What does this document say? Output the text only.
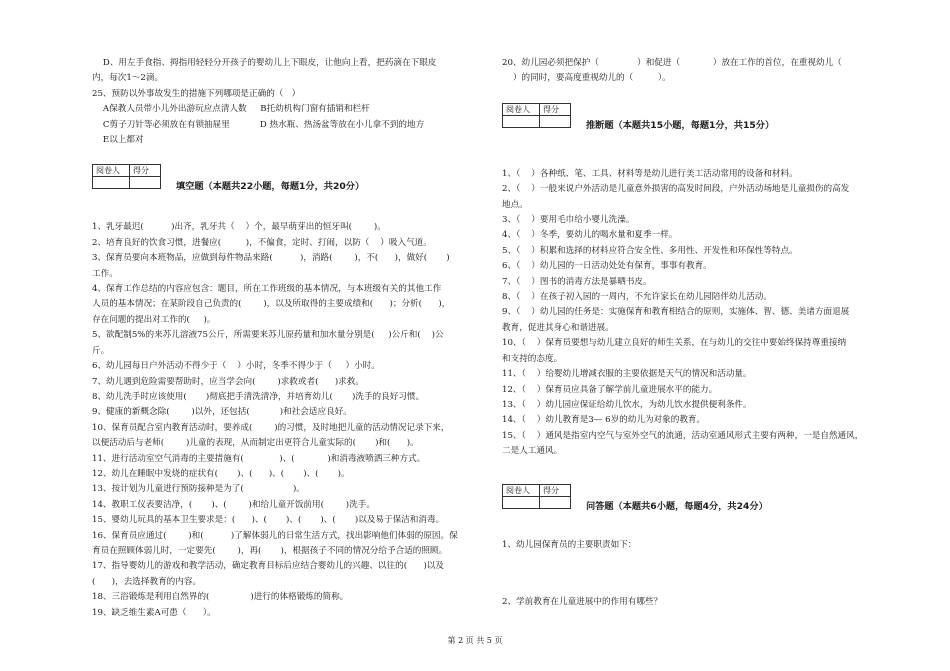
D、用左手食指、拇指用轻轻分开孩子的婴幼儿上下眼皮，让他向上看，把药滴在下眼皮
内，每次1～2滴。
25、预防以外事故发生的措施下列哪项是正确的（   ）
A保教人员带小儿外出游玩应点清人数     B托幼机构门窗有插销和栏杆
C剪子刀针等必须放在有锁抽屉里           D 热水瓶、热汤盆等放在小儿拿不到的地方
E以上都对
阅卷人	得分

填空题（本题共22小题，每题1分，共20分）
1、乳牙最迟(          )出齐，乳牙共（    ）个，最早萌芽出的恒牙叫(        )。
2、培育良好的饮食习惯，进餐应(         )，不偏食，定时、打闹，以防（    ）吸入气道。
3、保育员要向本班物品，应做到每件物品来路(          )，消路(        )，不(      )，做好(       )
工作。
4、保育工作总结的内容应包含：题目，所在工作班级的基本情况，与本班级有关的其他工作
人员的基本情况；在某阶段自己负责的(        )，以及所取得的主要成绩和(      )；分析(      )，
存在问题的提出对工作的(     )。
5、欲配制5%的来苏儿溶液75公斤，所需要来苏儿原药量和加水量分别是(     )公斤和(    )公
斤。
6、幼儿园每日户外活动不得少于（    ）小时，冬季不得少于（     ）小时。
7、幼儿遇到危险需要帮助时，应当学会向(        )求救或者(      )求救。
8、幼儿洗手时应该使用(       )彻底把手清洗清净，并培育幼儿(       )洗手的良好习惯。
9、健康的新概念除(        )以外，还包括(           )和社会适应良好。
10、保育员配合室内教育活动时，要养成(        )的习惯，及时地把儿童的活动情况记录下来，
以便活动后与老师(        )儿童的表现，从而制定出更符合儿童实际的(       )和(      )。
11、进行活动室空气消毒的主要措施有(             )、(            )和消毒液喷洒三种方式。
12、幼儿在睡眠中发烧的症状有(       )、(      )、(       )、(       )。
13、按计划为儿童进行预防接种是为了(                  )。
14、教职工仪表要洁净，(       )、(        )和给儿童开饭前用(        )洗手。
15、婴幼儿玩具的基本卫生要求是：(      )、(       )、(       )、(       )以及易于保洁和消毒。
16、保育员应通过(        )和(          )了解体弱儿的日常生活方式，找出影响他们体弱的原因。保
育员在照顾体弱儿时，一定要先(        )，再(       )，根据孩子不同的情况分给予合适的照顾。
17、指导婴幼儿的游戏和教学活动，确定教育目标后应结合婴幼儿的兴趣、以往的(      )以及
(      )，去选择教育的内容。
18、三浴锻炼是利用自然界的(               )进行的体格锻炼的简称。
19、缺乏维生素A可患（      ）。
20、幼儿园必须把保护（              ）和促进（            ）放在工作的首位，在重视幼儿（
）的同时，要高度重视幼儿的（         ）。
阅卷人	得分

推断题（本题共15小题，每题1分，共15分）
1、（    ）各种纸、笔、工具、材料等是幼儿进行美工活动常用的设备和材料。
2、（    ）一般来说户外活动是儿童意外损害的高发时间段，户外活动场地是儿童损伤的高发
地点。
3、（    ）要用毛巾给小婴儿洗澡。
4、（    ）冬季，要幼儿的喝水量和夏季一样。
5、（    ）积累和选择的材料应符合安全性、多用性、开发性和环保性等特点。
6、（    ）幼儿园的一日活动处处有保育，事事有教育。
7、（    ）图书的消毒方法是暴晒书皮。
8、（    ）在孩子初入园的一周内，不允许家长在幼儿园陪伴幼儿活动。
9、（    ）幼儿园的任务是：实施保育和教育相结合的原则，实施体、智、德、美诸方面退展
教育，促进其身心和谐进展。
10、（    ）保育员要想与幼儿建立良好的师生关系，在与幼儿的交往中要始终保持尊重接纳
和支持的态度。
11、（    ）给婴幼儿增减衣服的主要依据是天气的情况和活动量。
12、（    ）保育员应具备了解学前儿童进展水平的能力。
13、（    ）幼儿园应保证给幼儿饮水，为幼儿饮水提供便利条件。
14、（    ）幼儿教育是3— 6岁的幼儿为对象的教育。
15、（    ）通风是指室内空气与室外空气的流通，活动室通风形式主要有两种，一是自然通风，
二是人工通风。
阅卷人	得分

问答题（本题共6小题，每题4分，共24分）
1、幼儿园保育员的主要职责如下：
2、学前教育在儿童进展中的作用有哪些？
第 2 页 共 5 页
